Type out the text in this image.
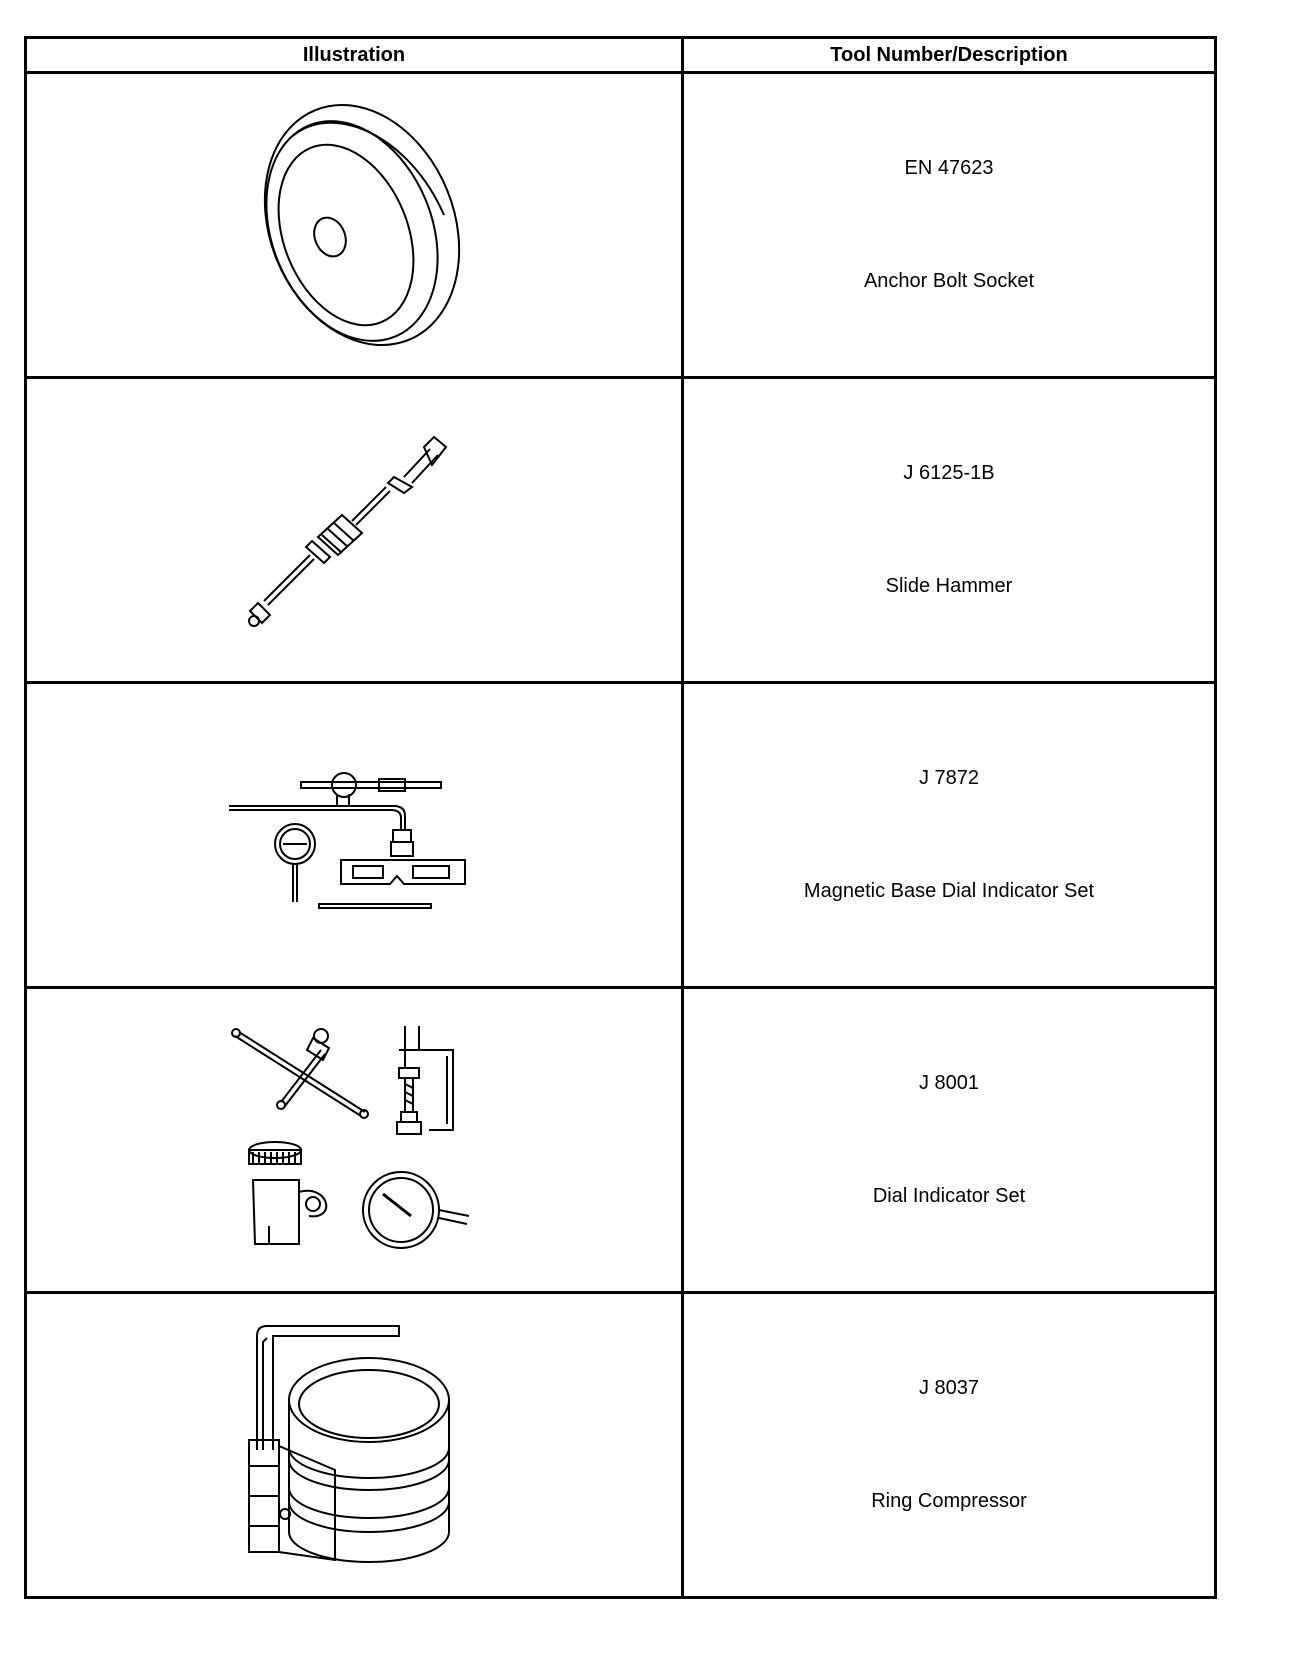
Illustration	Tool Number/Description

EN 47623
Anchor Bolt Socket

J 6125-1B
Slide Hammer

J 7872
Magnetic Base Dial Indicator Set

J 8001
Dial Indicator Set

J 8037
Ring Compressor
